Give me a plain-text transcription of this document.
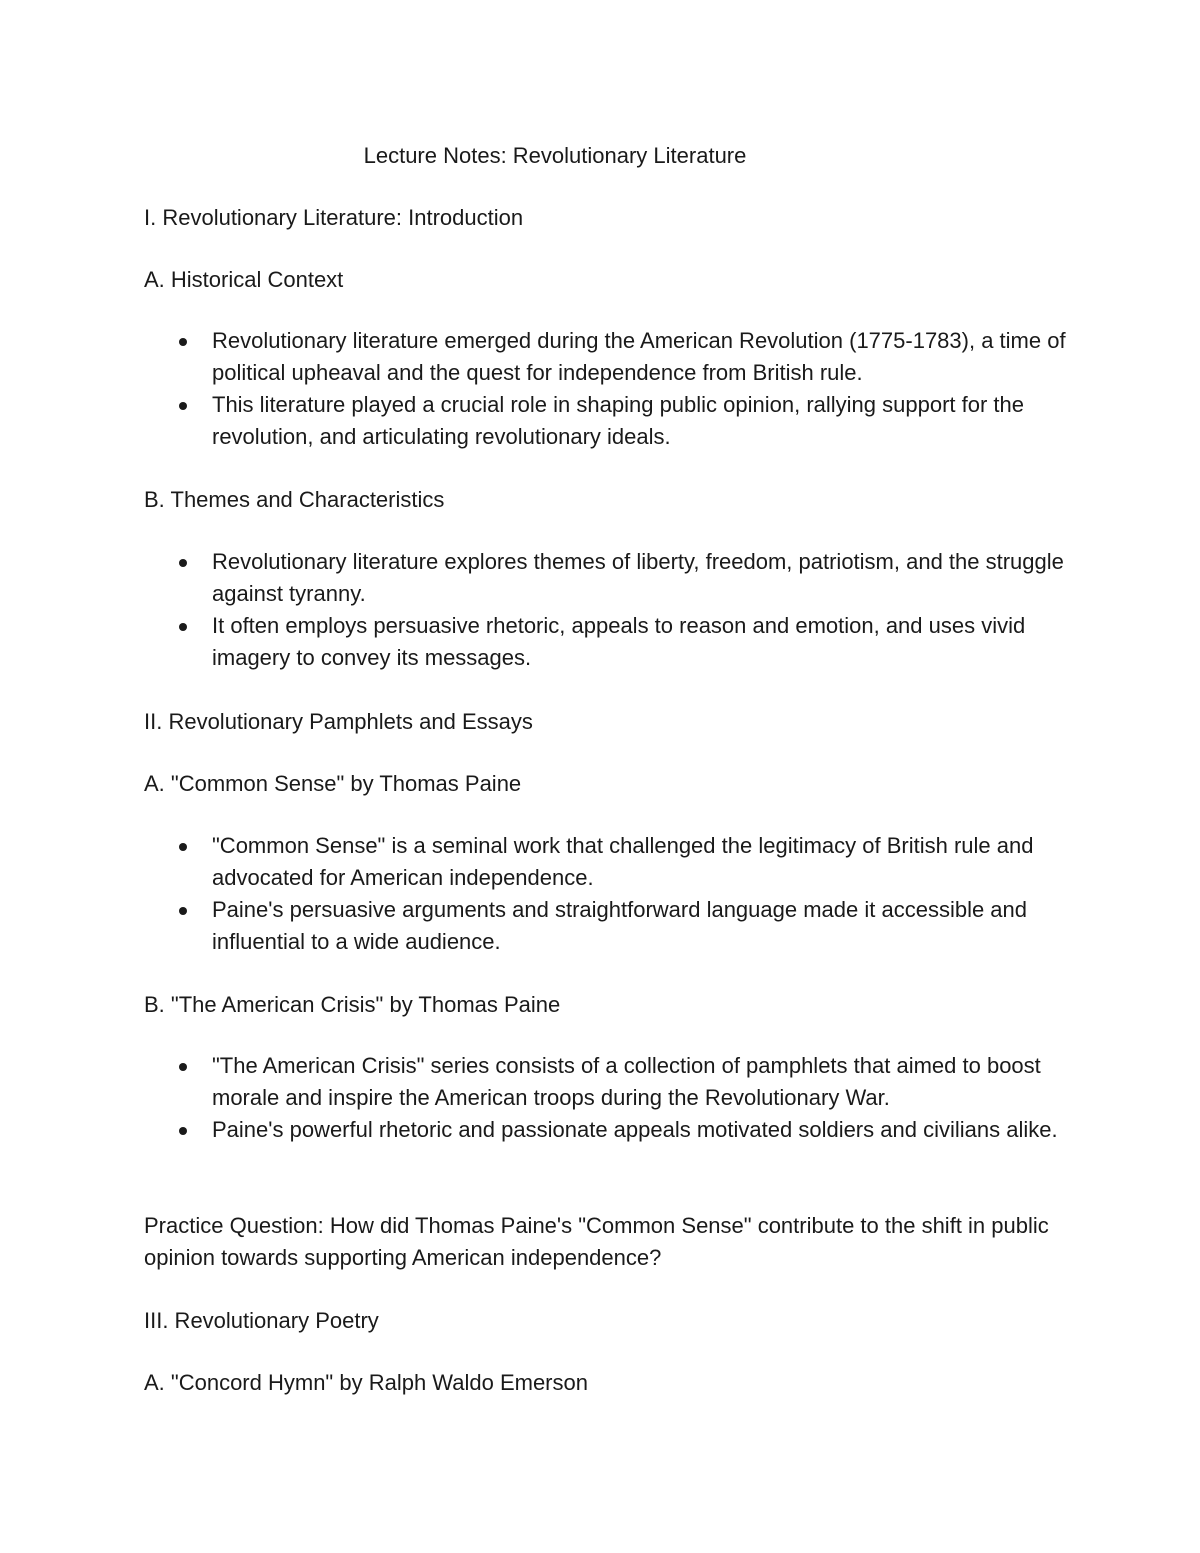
Lecture Notes: Revolutionary Literature
I. Revolutionary Literature: Introduction
A. Historical Context
Revolutionary literature emerged during the American Revolution (1775-1783), a time of political upheaval and the quest for independence from British rule.
This literature played a crucial role in shaping public opinion, rallying support for the revolution, and articulating revolutionary ideals.
B. Themes and Characteristics
Revolutionary literature explores themes of liberty, freedom, patriotism, and the struggle against tyranny.
It often employs persuasive rhetoric, appeals to reason and emotion, and uses vivid imagery to convey its messages.
II. Revolutionary Pamphlets and Essays
A. "Common Sense" by Thomas Paine
"Common Sense" is a seminal work that challenged the legitimacy of British rule and advocated for American independence.
Paine's persuasive arguments and straightforward language made it accessible and influential to a wide audience.
B. "The American Crisis" by Thomas Paine
"The American Crisis" series consists of a collection of pamphlets that aimed to boost morale and inspire the American troops during the Revolutionary War.
Paine's powerful rhetoric and passionate appeals motivated soldiers and civilians alike.

Practice Question: How did Thomas Paine's "Common Sense" contribute to the shift in public opinion towards supporting American independence?

III. Revolutionary Poetry
A. "Concord Hymn" by Ralph Waldo Emerson
